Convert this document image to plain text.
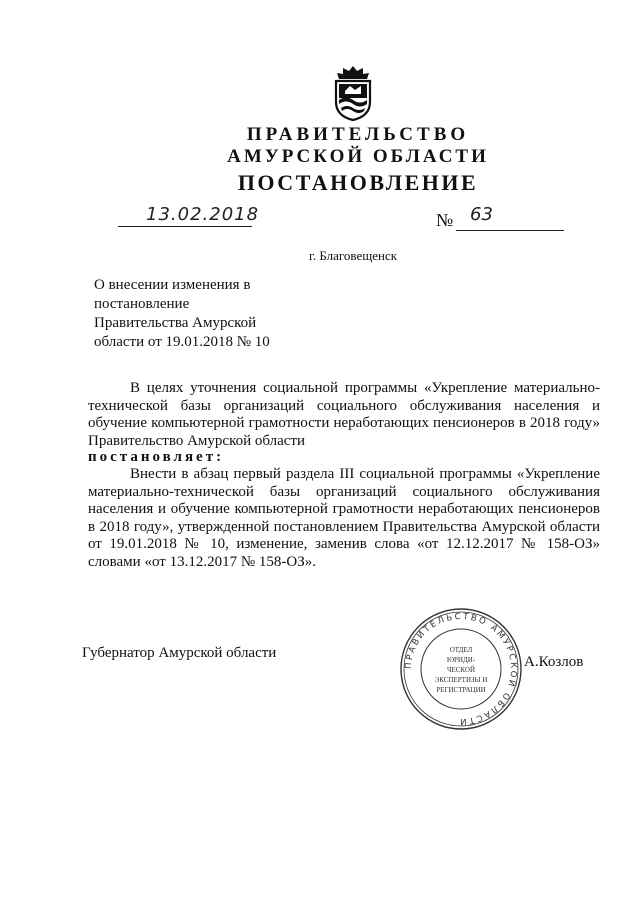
ПРАВИТЕЛЬСТВО
АМУРСКОЙ ОБЛАСТИ
ПОСТАНОВЛЕНИЕ
13.02.2018	№ 63
г. Благовещенск
О внесении изменения в
постановление
Правительства Амурской
области от 19.01.2018 № 10
В целях уточнения социальной программы «Укрепление материально-технической базы организаций социального обслуживания населения и обучение компьютерной грамотности неработающих пенсионеров в 2018 году» Правительство Амурской области
постановляет:
Внести в абзац первый раздела III социальной программы «Укрепление материально-технической базы организаций социального обслуживания населения и обучение компьютерной грамотности неработающих пенсионеров в 2018 году», утвержденной постановлением Правительства Амурской области от 19.01.2018 № 10, изменение, заменив слова «от 12.12.2017 № 158-ОЗ» словами «от 13.12.2017 № 158-ОЗ».
Губернатор Амурской области
А.Козлов
ПРАВИТЕЛЬСТВО АМУРСКОЙ ОБЛАСТИ
ОТДЕЛ
ЮРИДИ-
ЧЕСКОЙ
ЭКСПЕРТИЗЫ И
РЕГИСТРАЦИИ
